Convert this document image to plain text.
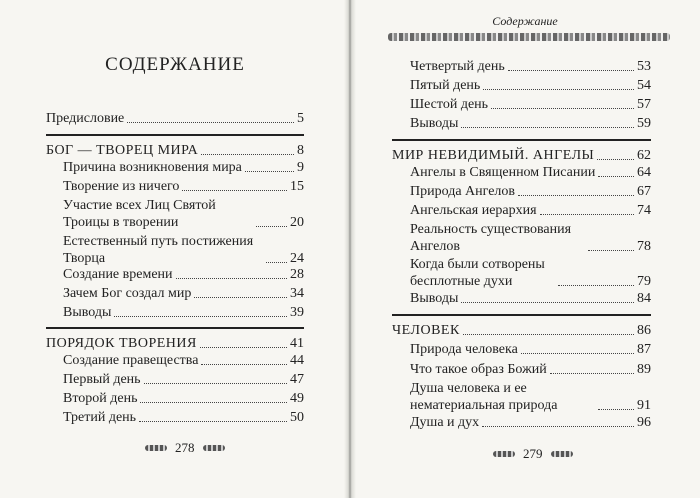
СОДЕРЖАНИЕ
Предисловие	5
БОГ — ТВОРЕЦ МИРА	8
Причина возникновения мира	9
Творение из ничего	15
Участие всех Лиц Святой Троицы в творении	20
Естественный путь постижения Творца	24
Создание времени	28
Зачем Бог создал мир	34
Выводы	39
ПОРЯДОК ТВОРЕНИЯ	41
Создание правещества	44
Первый день	47
Второй день	49
Третий день	50
278
Содержание
Четвертый день	53
Пятый день	54
Шестой день	57
Выводы	59
МИР НЕВИДИМЫЙ. АНГЕЛЫ	62
Ангелы в Священном Писании	64
Природа Ангелов	67
Ангельская иерархия	74
Реальность существования Ангелов	78
Когда были сотворены бесплотные духи	79
Выводы	84
ЧЕЛОВЕК	86
Природа человека	87
Что такое образ Божий	89
Душа человека и ее нематериальная природа	91
Душа и дух	96
279
